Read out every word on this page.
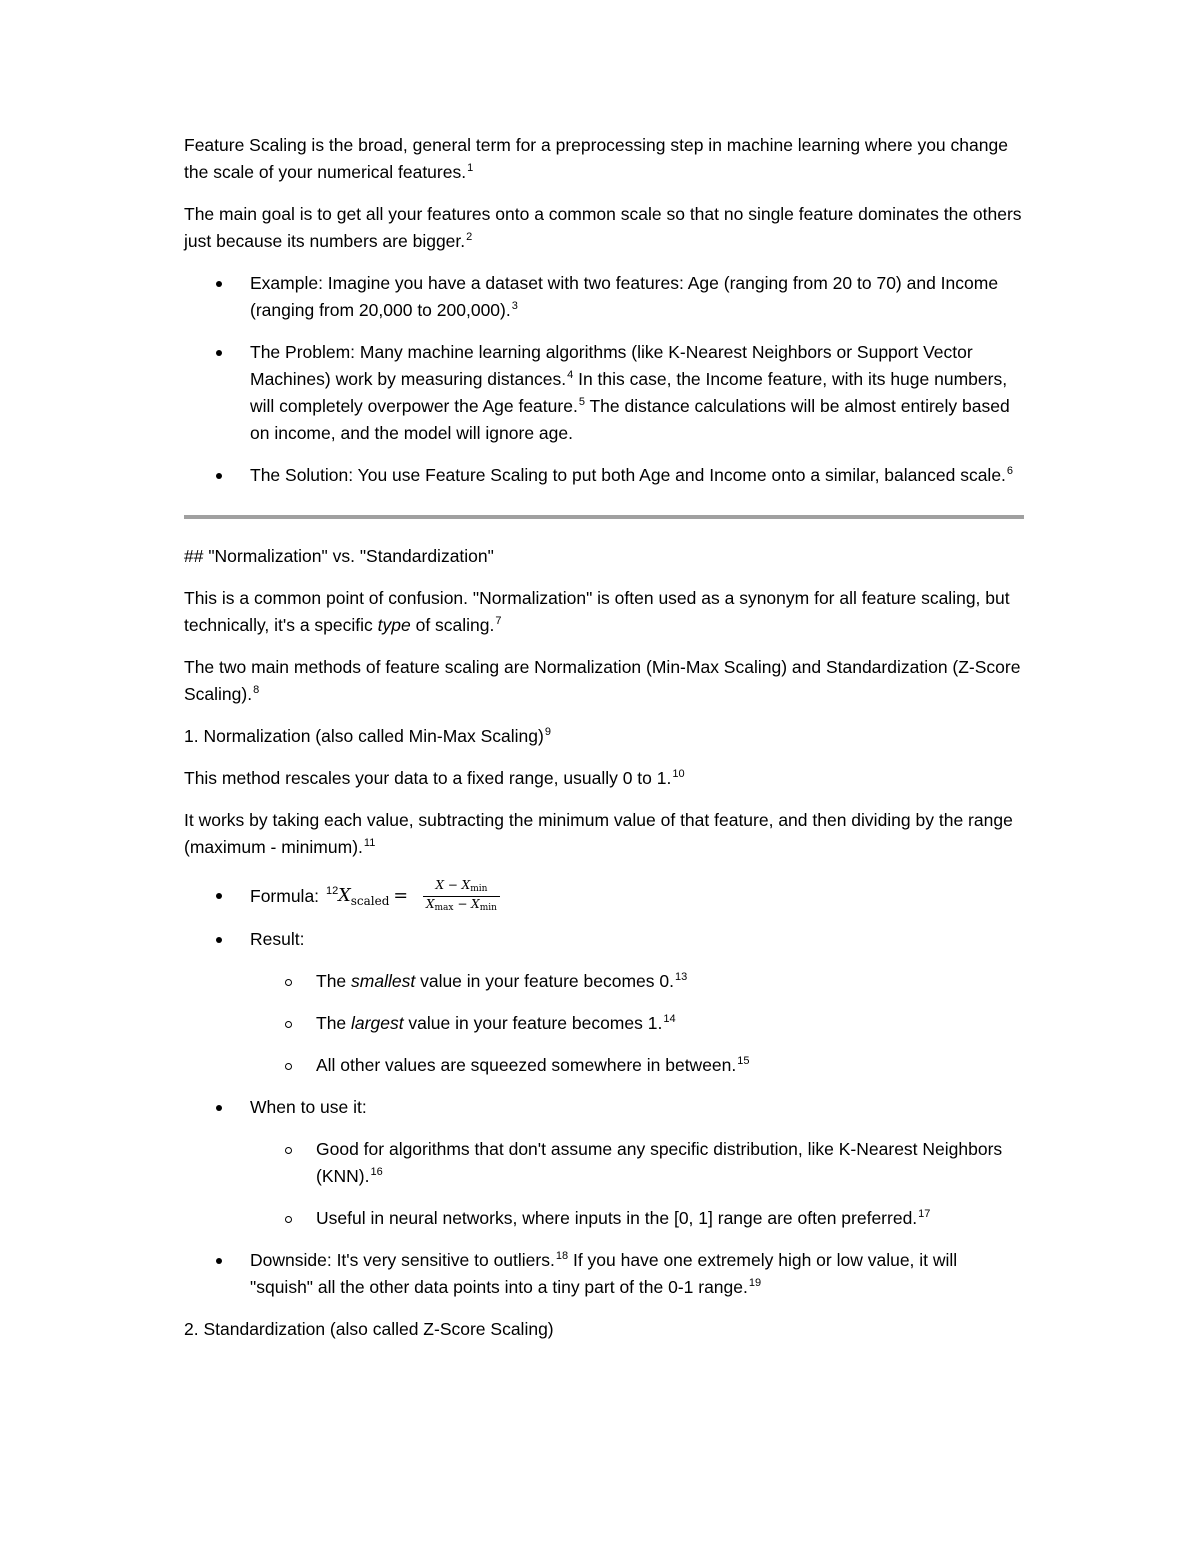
Feature Scaling is the broad, general term for a preprocessing step in machine learning where you change the scale of your numerical features.$^1$

The main goal is to get all your features onto a common scale so that no single feature dominates the others just because its numbers are bigger.$^2$

Example: Imagine you have a dataset with two features: Age (ranging from 20 to 70) and Income (ranging from 20,000 to 200,000).$^3$

The Problem: Many machine learning algorithms (like K-Nearest Neighbors or Support Vector Machines) work by measuring distances.$^4$ In this case, the Income feature, with its huge numbers, will completely overpower the Age feature.$^5$ The distance calculations will be almost entirely based on income, and the model will ignore age.

The Solution: You use Feature Scaling to put both Age and Income onto a similar, balanced scale.$^6$

## "Normalization" vs. "Standardization"

This is a common point of confusion. "Normalization" is often used as a synonym for all feature scaling, but technically, it's a specific type of scaling.$^7$

The two main methods of feature scaling are Normalization (Min-Max Scaling) and Standardization (Z-Score Scaling).$^8$

1. Normalization (also called Min-Max Scaling)$^9$

This method rescales your data to a fixed range, usually 0 to 1.10

It works by taking each value, subtracting the minimum value of that feature, and then dividing by the range (maximum - minimum).$^{11}$

Formula: $^{12}X_{scaled} = \frac{X - Xmin}{Xmax - Xmin}$

Result:

The smallest value in your feature becomes 0.13

The largest value in your feature becomes 1.14

All other values are squeezed somewhere in between.$^{15}$

When to use it:

Good for algorithms that don't assume any specific distribution, like K-Nearest Neighbors (KNN).$^{16}$

Useful in neural networks, where inputs in the [0, 1] range are often preferred.$^{17}$

Downside: It's very sensitive to outliers.$^{18}$ If you have one extremely high or low value, it will "squish" all the other data points into a tiny part of the 0-1 range.$^{19}$

2. Standardization (also called Z-Score Scaling)
